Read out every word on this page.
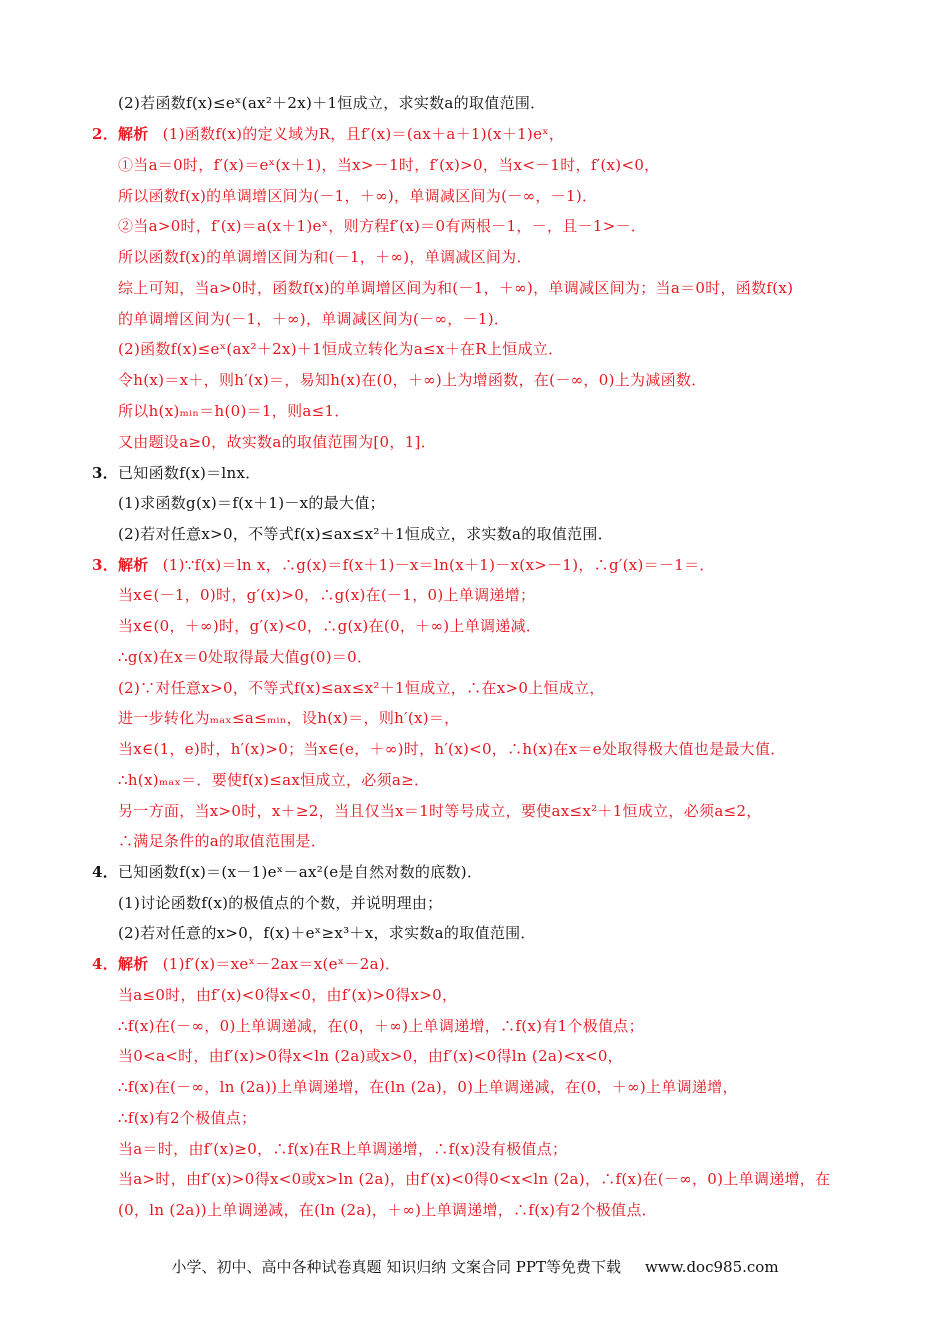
(2)若函数f(x)≤eˣ(ax²＋2x)＋1恒成立，求实数a的取值范围．
2．解析 (1)函数f(x)的定义域为R，且f′(x)＝(ax＋a＋1)(x＋1)eˣ，
①当a＝0时，f′(x)＝eˣ(x＋1)，当x>－1时，f′(x)>0，当x<－1时，f′(x)<0，
所以函数f(x)的单调增区间为(－1，＋∞)，单调减区间为(－∞，－1)．
②当a>0时，f′(x)＝a(x＋1)eˣ，则方程f′(x)＝0有两根－1，－，且－1>－．
所以函数f(x)的单调增区间为和(－1，＋∞)，单调减区间为．
综上可知，当a>0时，函数f(x)的单调增区间为和(－1，＋∞)，单调减区间为；当a＝0时，函数f(x)
的单调增区间为(－1，＋∞)，单调减区间为(－∞，－1)．
(2)函数f(x)≤eˣ(ax²＋2x)＋1恒成立转化为a≤x＋在R上恒成立．
令h(x)＝x＋，则h′(x)＝，易知h(x)在(0，＋∞)上为增函数，在(－∞，0)上为减函数．
所以h(x)ₘᵢₙ＝h(0)＝1，则a≤1．
又由题设a≥0，故实数a的取值范围为[0，1]．
3．已知函数f(x)＝lnx．
(1)求函数g(x)＝f(x＋1)－x的最大值；
(2)若对任意x>0，不等式f(x)≤ax≤x²＋1恒成立，求实数a的取值范围．
3．解析 (1)∵f(x)＝ln x，∴g(x)＝f(x＋1)－x＝ln(x＋1)－x(x>－1)，∴g′(x)＝－1＝．
当x∈(－1，0)时，g′(x)>0，∴g(x)在(－1，0)上单调递增；
当x∈(0，＋∞)时，g′(x)<0，∴g(x)在(0，＋∞)上单调递减．
∴g(x)在x＝0处取得最大值g(0)＝0．
(2)∵对任意x>0，不等式f(x)≤ax≤x²＋1恒成立，∴在x>0上恒成立，
进一步转化为ₘₐₓ≤a≤ₘᵢₙ，设h(x)＝，则h′(x)＝，
当x∈(1，e)时，h′(x)>0；当x∈(e，＋∞)时，h′(x)<0，∴h(x)在x＝e处取得极大值也是最大值．
∴h(x)ₘₐₓ＝．要使f(x)≤ax恒成立，必须a≥．
另一方面，当x>0时，x＋≥2，当且仅当x＝1时等号成立，要使ax≤x²＋1恒成立，必须a≤2，
∴满足条件的a的取值范围是．
4．已知函数f(x)＝(x－1)eˣ－ax²(e是自然对数的底数)．
(1)讨论函数f(x)的极值点的个数，并说明理由；
(2)若对任意的x>0，f(x)＋eˣ≥x³＋x，求实数a的取值范围．
4．解析 (1)f′(x)＝xeˣ－2ax＝x(eˣ－2a)．
当a≤0时，由f′(x)<0得x<0，由f′(x)>0得x>0，
∴f(x)在(－∞，0)上单调递减，在(0，＋∞)上单调递增，∴f(x)有1个极值点；
当0<a<时，由f′(x)>0得x<ln (2a)或x>0，由f′(x)<0得ln (2a)<x<0，
∴f(x)在(－∞，ln (2a))上单调递增，在(ln (2a)，0)上单调递减，在(0，＋∞)上单调递增，
∴f(x)有2个极值点；
当a＝时，由f′(x)≥0，∴f(x)在R上单调递增，∴f(x)没有极值点；
当a>时，由f′(x)>0得x<0或x>ln (2a)，由f′(x)<0得0<x<ln (2a)，∴f(x)在(－∞，0)上单调递增，在
(0，ln (2a))上单调递减，在(ln (2a)，＋∞)上单调递增，∴f(x)有2个极值点．
小学、初中、高中各种试卷真题 知识归纳 文案合同 PPT等免费下载 www.doc985.com
